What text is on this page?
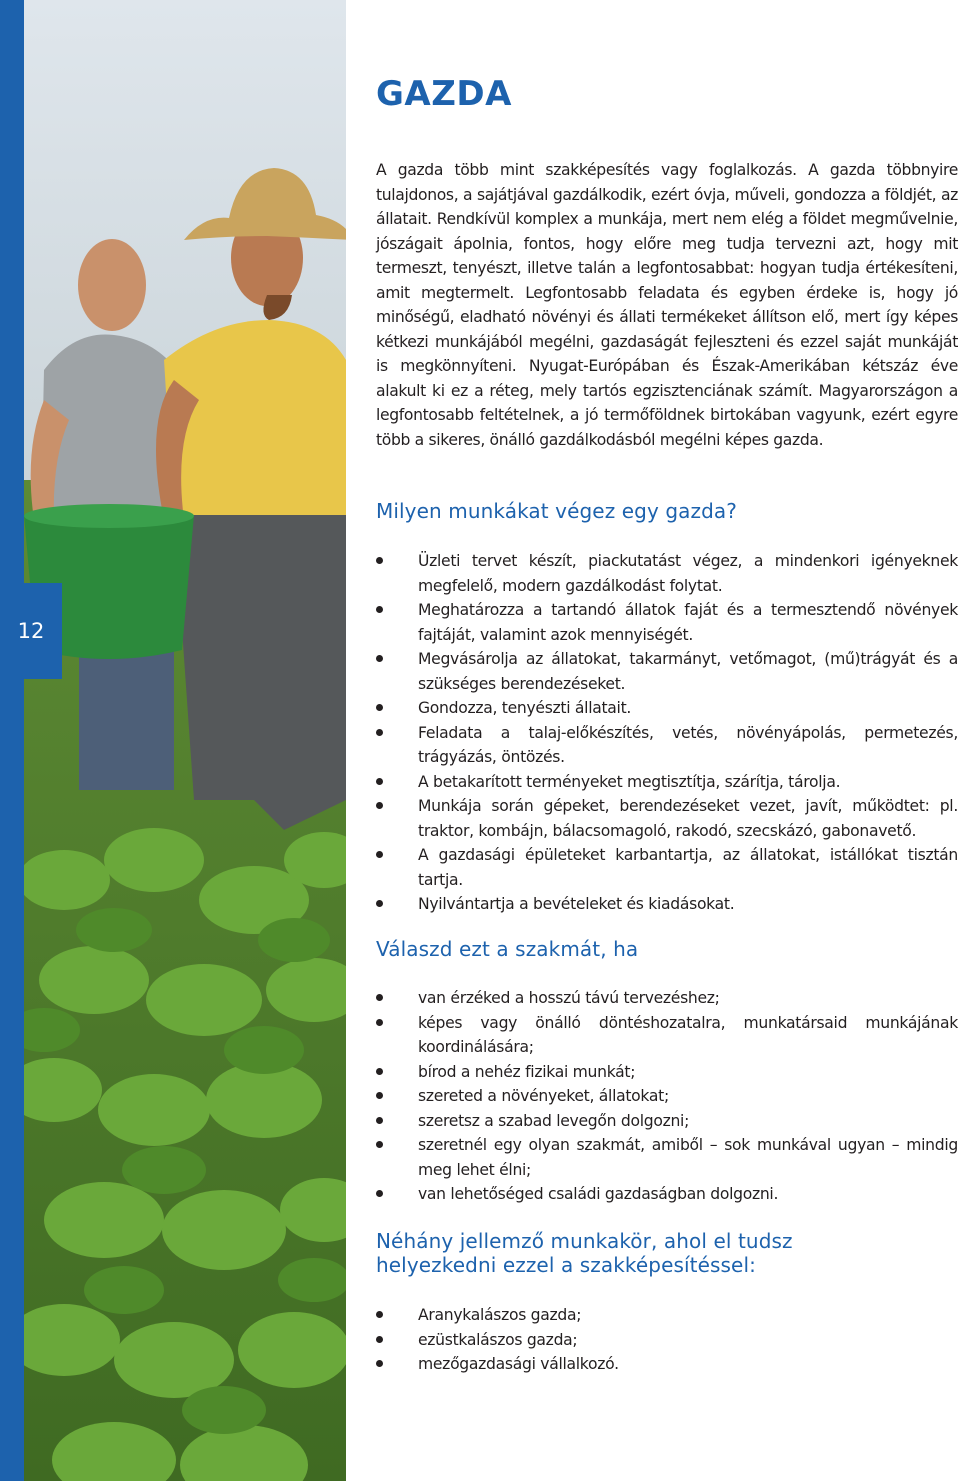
12
GAZDA

A gazda több mint szakképesítés vagy foglalkozás. A gazda többnyire tulajdonos, a sajátjával gazdálkodik, ezért óvja, műveli, gondozza a földjét, az állatait. Rendkívül komplex a munkája, mert nem elég a földet megművelnie, jószágait ápolnia, fontos, hogy előre meg tudja tervezni azt, hogy mit termeszt, tenyészt, illetve talán a legfontosabbat: hogyan tudja értékesíteni, amit megtermelt. Legfontosabb feladata és egyben érdeke is, hogy jó minőségű, eladható növényi és állati termékeket állítson elő, mert így képes kétkezi munkájából megélni, gazdaságát fejleszteni és ezzel saját munkáját is megkönnyíteni. Nyugat-Európában és Észak-Amerikában kétszáz éve alakult ki ez a réteg, mely tartós egzisztenciának számít. Magyarországon a legfontosabb feltételnek, a jó termőföldnek birtokában vagyunk, ezért egyre több a sikeres, önálló gazdálkodásból megélni képes gazda.

Milyen munkákat végez egy gazda?
Üzleti tervet készít, piackutatást végez, a mindenkori igényeknek megfelelő, modern gazdálkodást folytat.
Meghatározza a tartandó állatok faját és a termesztendő növények fajtáját, valamint azok mennyiségét.
Megvásárolja az állatokat, takarmányt, vetőmagot, (mű)trágyát és a szükséges berendezéseket.
Gondozza, tenyészti állatait.
Feladata a talaj-előkészítés, vetés, növényápolás, permetezés, trágyázás, öntözés.
A betakarított terményeket megtisztítja, szárítja, tárolja.
Munkája során gépeket, berendezéseket vezet, javít, működtet: pl. traktor, kombájn, bálacsomagoló, rakodó, szecskázó, gabonavető.
A gazdasági épületeket karbantartja, az állatokat, istállókat tisztán tartja.
Nyilvántartja a bevételeket és kiadásokat.
Válaszd ezt a szakmát, ha
van érzéked a hosszú távú tervezéshez;
képes vagy önálló döntéshozatalra, munkatársaid munkájának koordinálására;
bírod a nehéz fizikai munkát;
szereted a növényeket, állatokat;
szeretsz a szabad levegőn dolgozni;
szeretnél egy olyan szakmát, amiből – sok munkával ugyan – mindig meg lehet élni;
van lehetőséged családi gazdaságban dolgozni.
Néhány jellemző munkakör, ahol el tudsz helyezkedni ezzel a szakképesítéssel:
Aranykalászos gazda;
ezüstkalászos gazda;
mezőgazdasági vállalkozó.
